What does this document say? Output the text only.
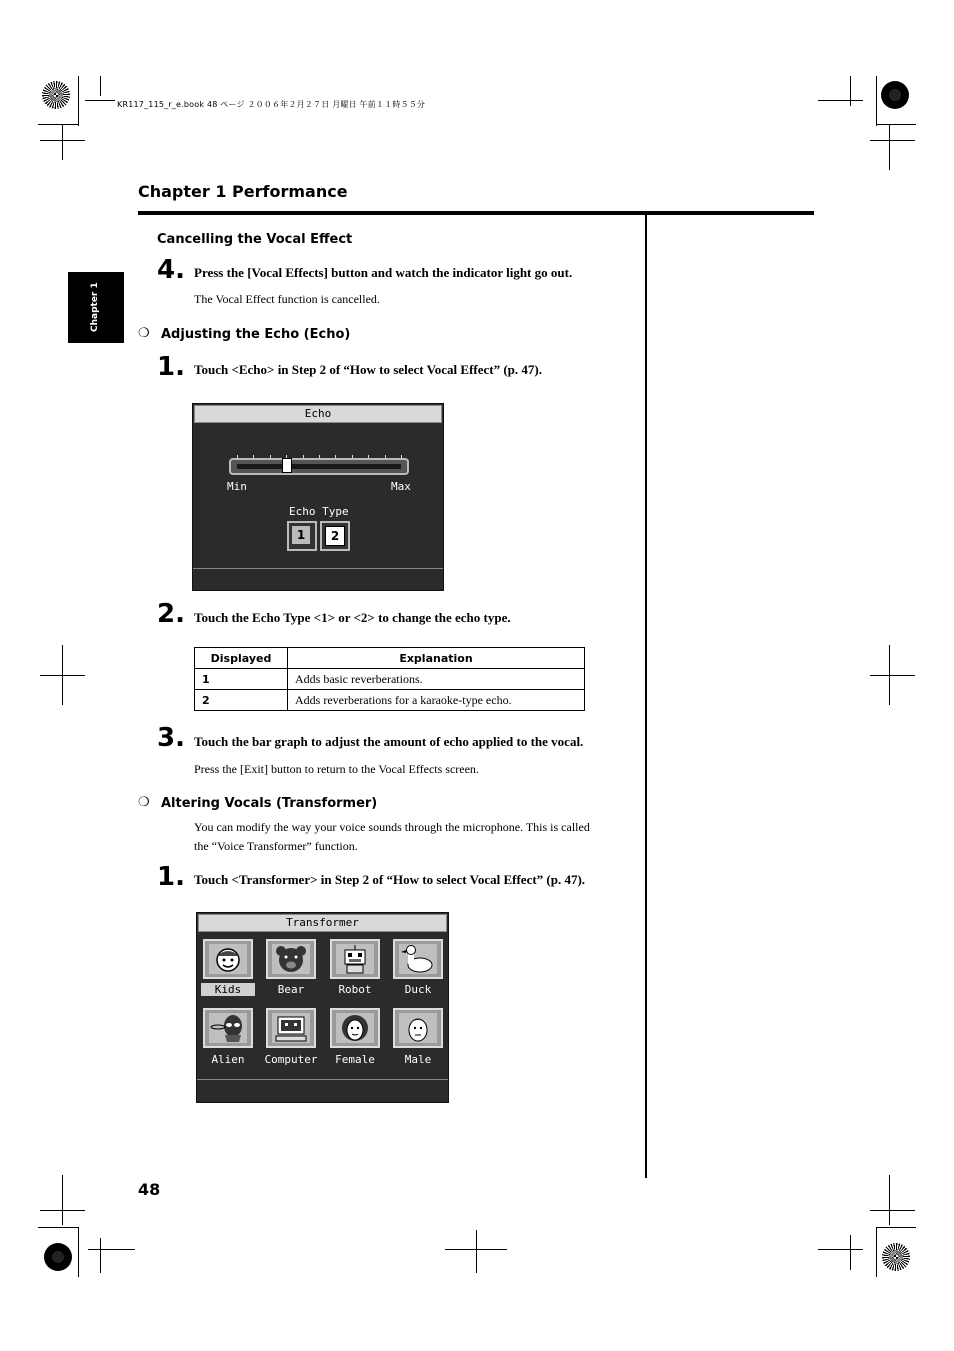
KR117_115_r_e.book 48 ページ ２００６年２月２７日 月曜日 午前１１時５５分
Chapter 1 Performance
Chapter 1
Cancelling the Vocal Effect
4. Press the [Vocal Effects] button and watch the indicator light go out.
The Vocal Effect function is cancelled.
❍ Adjusting the Echo (Echo)
1. Touch <Echo> in Step 2 of “How to select Vocal Effect” (p. 47).
Echo
Min	Max
Echo Type
1	2
2. Touch the Echo Type <1> or <2> to change the echo type.
Displayed	Explanation
1	Adds basic reverberations.
2	Adds reverberations for a karaoke-type echo.
3. Touch the bar graph to adjust the amount of echo applied to the vocal.
Press the [Exit] button to return to the Vocal Effects screen.
❍ Altering Vocals (Transformer)
You can modify the way your voice sounds through the microphone. This is called
the “Voice Transformer” function.
1. Touch <Transformer> in Step 2 of “How to select Vocal Effect” (p. 47).
Transformer
Kids	Bear	Robot	Duck
Alien	Computer	Female	Male
48
